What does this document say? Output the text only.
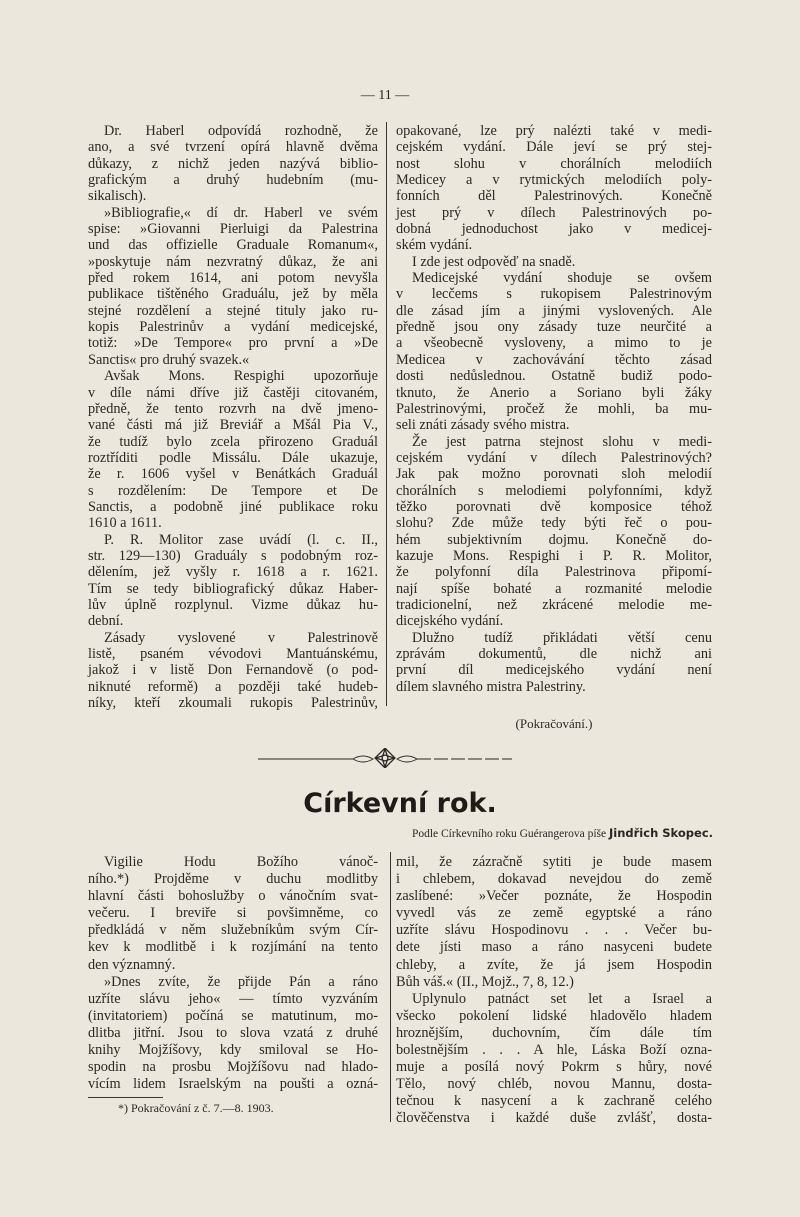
— 11 —
Dr. Haberl odpovídá rozhodně, že
ano, a své tvrzení opírá hlavně dvěma
důkazy, z nichž jeden nazývá biblio-
grafickým a druhý hudebním (mu-
sikalisch).
»Bibliografie,« dí dr. Haberl ve svém
spise: »Giovanni Pierluigi da Palestrina
und das offizielle Graduale Romanum«,
»poskytuje nám nezvratný důkaz, že ani
před rokem 1614, ani potom nevyšla
publikace tištěného Graduálu, jež by měla
stejné rozdělení a stejné tituly jako ru-
kopis Palestrinův a vydání medicejské,
totiž: »De Tempore« pro první a »De
Sanctis« pro druhý svazek.«
Avšak Mons. Respighi upozorňuje
v díle námi dříve již častěji citovaném,
předně, že tento rozvrh na dvě jmeno-
vané části má již Breviář a Mšál Pia V.,
že tudíž bylo zcela přirozeno Graduál
roztříditi podle Missálu. Dále ukazuje,
že r. 1606 vyšel v Benátkách Graduál
s rozdělením: De Tempore et De
Sanctis, a podobně jiné publikace roku
1610 a 1611.
P. R. Molitor zase uvádí (l. c. II.,
str. 129—130) Graduály s podobným roz-
dělením, jež vyšly r. 1618 a r. 1621.
Tím se tedy bibliografický důkaz Haber-
lův úplně rozplynul. Vizme důkaz hu-
dební.
Zásady vyslovené v Palestrinově
listě, psaném vévodovi Mantuánskému,
jakož i v listě Don Fernandově (o pod-
niknuté reformě) a později také hudeb-
níky, kteří zkoumali rukopis Palestrinův,
opakované, lze prý nalézti také v medi-
cejském vydání. Dále jeví se prý stej-
nost slohu v chorálních melodiích
Medicey a v rytmických melodiích poly-
fonních děl Palestrinových. Konečně
jest prý v dílech Palestrinových po-
dobná jednoduchost jako v medicej-
ském vydání.
I zde jest odpověď na snadě.
Medicejské vydání shoduje se ovšem
v lecčems s rukopisem Palestrinovým
dle zásad jím a jinými vyslovených. Ale
předně jsou ony zásady tuze neurčité a
a všeobecně vysloveny, a mimo to je
Medicea v zachovávání těchto zásad
dosti nedůslednou. Ostatně budiž podo-
tknuto, že Anerio a Soriano byli žáky
Palestrinovými, pročež že mohli, ba mu-
seli znáti zásady svého mistra.
Že jest patrna stejnost slohu v medi-
cejském vydání v dílech Palestrinových?
Jak pak možno porovnati sloh melodií
chorálních s melodiemi polyfonními, když
těžko porovnati dvě komposice téhož
slohu? Zde může tedy býti řeč o pou-
hém subjektivním dojmu. Konečně do-
kazuje Mons. Respighi i P. R. Molitor,
že polyfonní díla Palestrinova připomí-
nají spíše bohaté a rozmanité melodie
tradicionelní, než zkrácené melodie me-
dicejského vydání.
Dlužno tudíž přikládati větší cenu
zprávám dokumentů, dle nichž ani
první díl medicejského vydání není
dílem slavného mistra Palestriny.
(Pokračování.)
Církevní rok.
Podle Církevního roku Guérangerova píše Jindřich Skopec.
Vigilie Hodu Božího vánoč-
ního.*) Projděme v duchu modlitby
hlavní části bohoslužby o vánočním svat-
večeru. I breviře si povšimněme, co
předkládá v něm služebníkům svým Cír-
kev k modlitbě i k rozjímání na tento
den významný.
»Dnes zvíte, že přijde Pán a ráno
uzříte slávu jeho« — tímto vyzváním
(invitatoriem) počíná se matutinum, mo-
dlitba jitřní. Jsou to slova vzatá z druhé
knihy Mojžíšovy, kdy smiloval se Ho-
spodin na prosbu Mojžíšovu nad hlado-
vícím lidem Israelským na poušti a ozná-
mil, že zázračně sytiti je bude masem
i chlebem, dokavad nevejdou do země
zaslíbené: »Večer poznáte, že Hospodin
vyvedl vás ze země egyptské a ráno
uzříte slávu Hospodinovu . . . Večer bu-
dete jísti maso a ráno nasyceni budete
chleby, a zvíte, že já jsem Hospodin
Bůh váš.« (II., Mojž., 7, 8, 12.)
Uplynulo patnáct set let a Israel a
všecko pokolení lidské hladovělo hladem
hroznějším, duchovním, čím dále tím
bolestnějším . . . A hle, Láska Boží ozna-
muje a posílá nový Pokrm s hůry, nové
Tělo, nový chléb, novou Mannu, dosta-
tečnou k nasycení a k zachraně celého
člověčenstva i každé duše zvlášť, dosta-
*) Pokračování z č. 7.—8. 1903.
